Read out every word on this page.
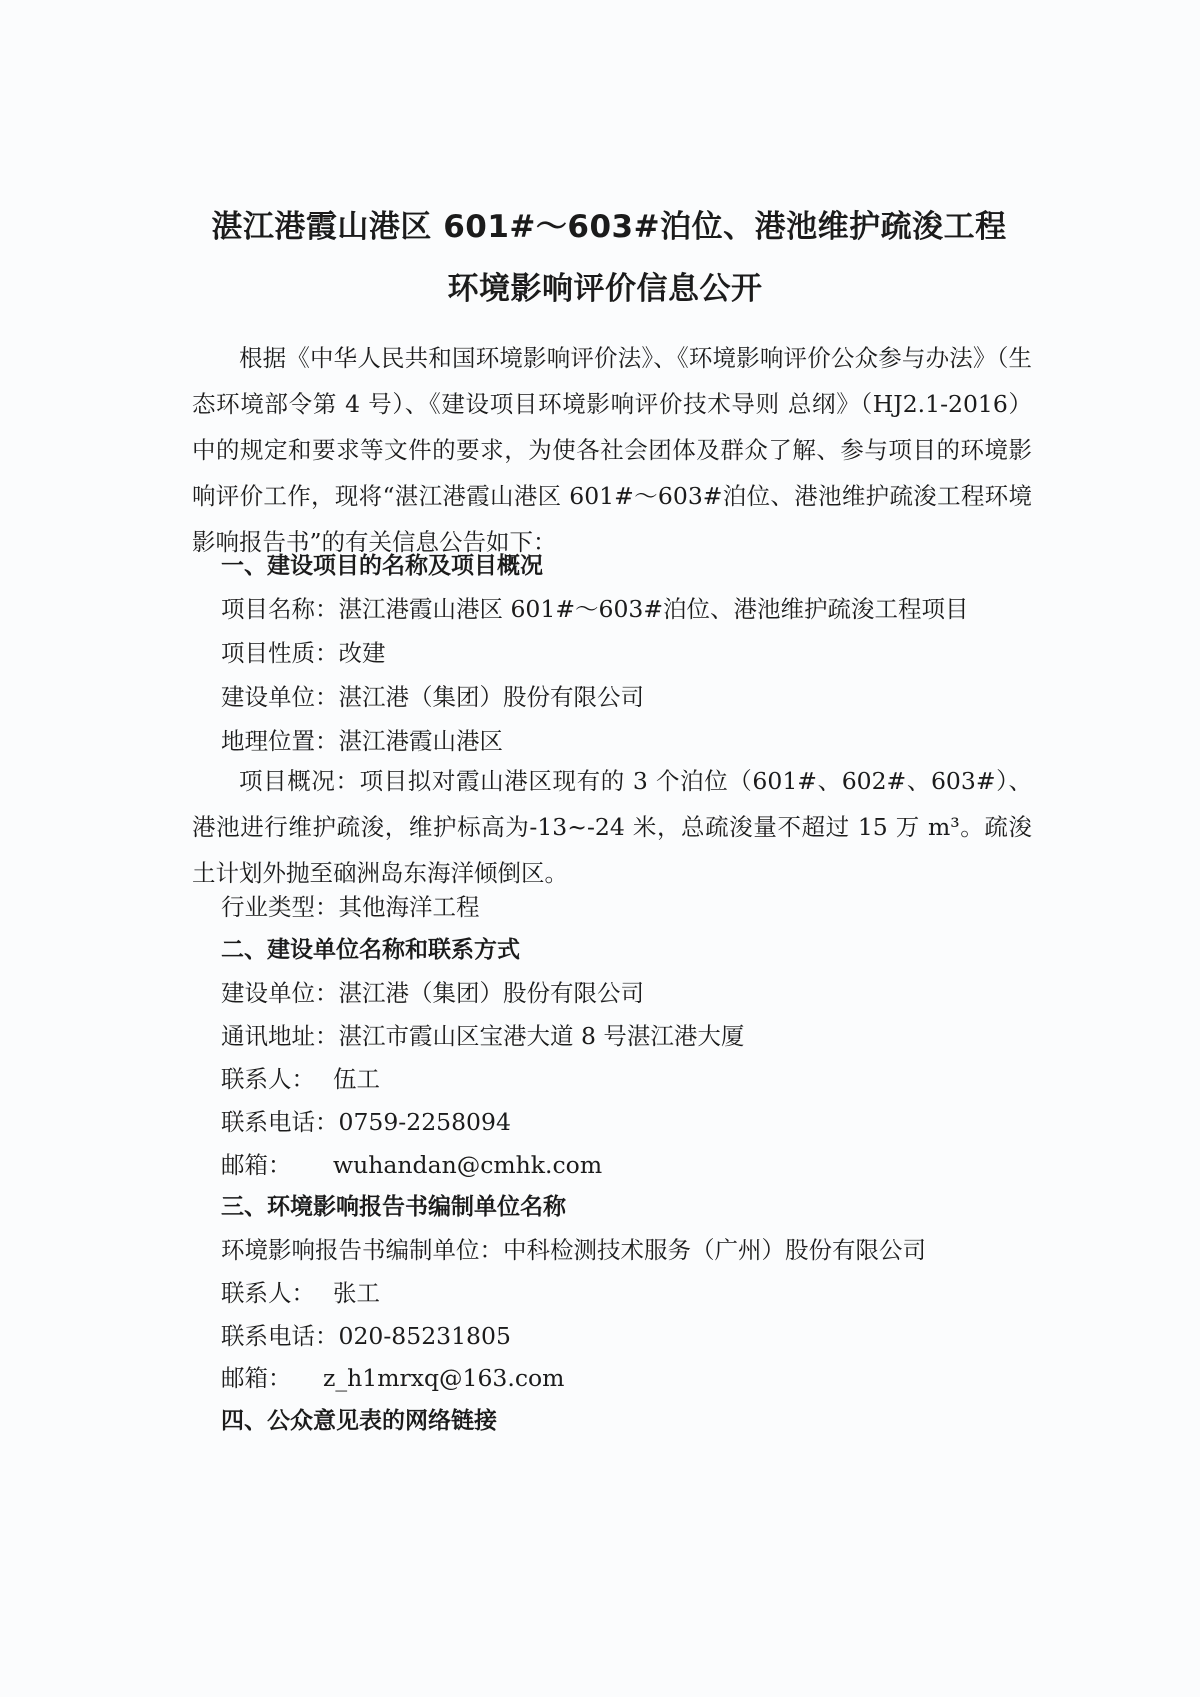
湛江港霞山港区 601#～603#泊位、港池维护疏浚工程
环境影响评价信息公开
根据《中华人民共和国环境影响评价法》、《环境影响评价公众参与办法》（生态环境部令第 4 号）、《建设项目环境影响评价技术导则 总纲》（HJ2.1-2016）中的规定和要求等文件的要求，为使各社会团体及群众了解、参与项目的环境影响评价工作，现将“湛江港霞山港区 601#～603#泊位、港池维护疏浚工程环境影响报告书”的有关信息公告如下：
一、建设项目的名称及项目概况
项目名称：湛江港霞山港区 601#～603#泊位、港池维护疏浚工程项目
项目性质：改建
建设单位：湛江港（集团）股份有限公司
地理位置：湛江港霞山港区
项目概况：项目拟对霞山港区现有的 3 个泊位（601#、602#、603#）、港池进行维护疏浚，维护标高为-13~-24 米，总疏浚量不超过 15 万 m³。疏浚土计划外抛至硇洲岛东海洋倾倒区。
行业类型：其他海洋工程
二、建设单位名称和联系方式
建设单位：湛江港（集团）股份有限公司
通讯地址：湛江市霞山区宝港大道 8 号湛江港大厦
联系人： 伍工
联系电话：0759-2258094
邮箱： wuhandan@cmhk.com
三、环境影响报告书编制单位名称
环境影响报告书编制单位：中科检测技术服务（广州）股份有限公司
联系人： 张工
联系电话：020-85231805
邮箱： z_h1mrxq@163.com
四、公众意见表的网络链接
